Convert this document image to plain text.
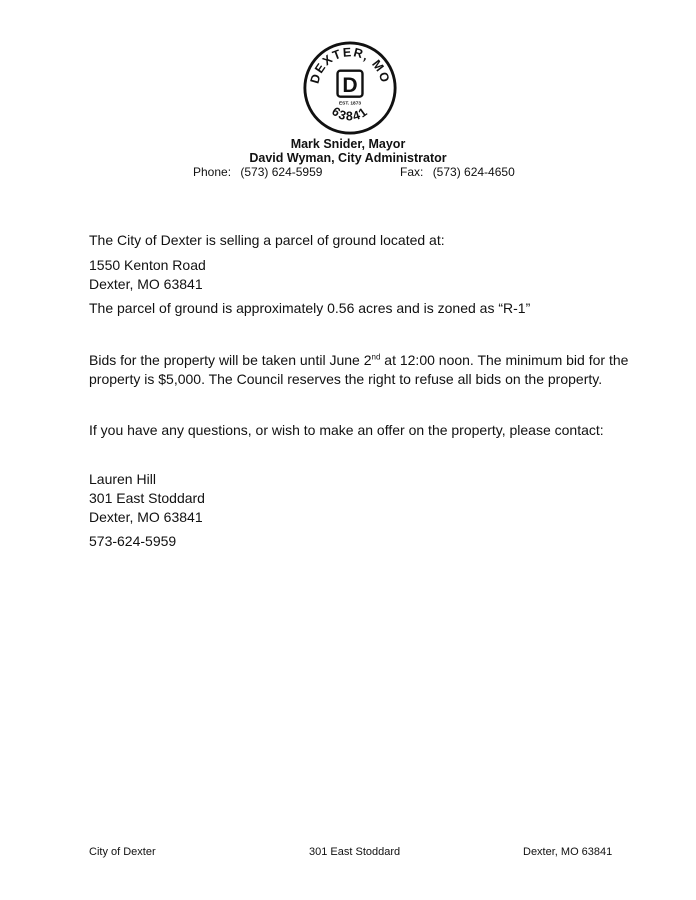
DEXTER, MO
63841
D
EST. 1873
Mark Snider, Mayor
David Wyman, City Administrator
Phone: (573) 624-5959	Fax: (573) 624-4650
The City of Dexter is selling a parcel of ground located at:
1550 Kenton Road
Dexter, MO 63841
The parcel of ground is approximately 0.56 acres and is zoned as “R-1”
Bids for the property will be taken until June 2nd at 12:00 noon. The minimum bid for the
property is $5,000. The Council reserves the right to refuse all bids on the property.
If you have any questions, or wish to make an offer on the property, please contact:
Lauren Hill
301 East Stoddard
Dexter, MO 63841
573-624-5959
City of Dexter	301 East Stoddard	Dexter, MO 63841
